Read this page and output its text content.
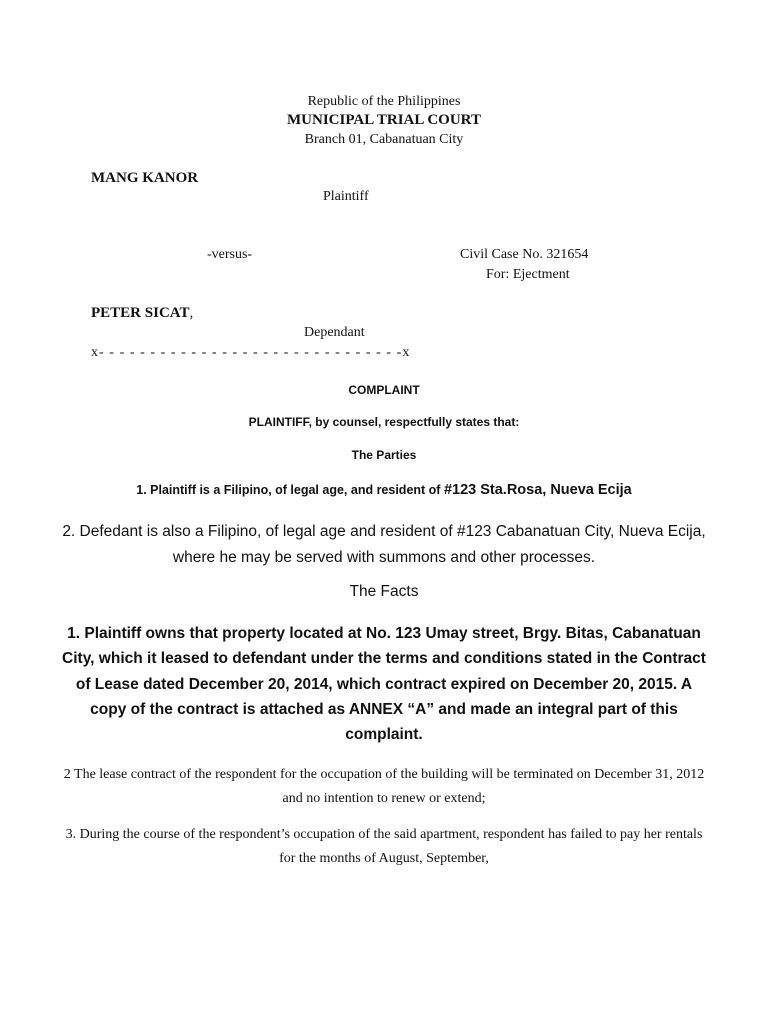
Republic of the Philippines
MUNICIPAL TRIAL COURT
Branch 01, Cabanatuan City
MANG KANOR
Plaintiff
-versus-	Civil Case No. 321654
For: Ejectment
PETER SICAT,
Dependant
x- - - - - - - - - - - - - - - - - - - - - - - - - - - - - -x
COMPLAINT
PLAINTIFF, by counsel, respectfully states that:
The Parties
1. Plaintiff is a Filipino, of legal age, and resident of #123 Sta.Rosa, Nueva Ecija
2. Defedant is also a Filipino, of legal age and resident of #123 Cabanatuan City, Nueva Ecija, where he may be served with summons and other processes.
The Facts
1. Plaintiff owns that property located at No. 123 Umay street, Brgy. Bitas, Cabanatuan City, which it leased to defendant under the terms and conditions stated in the Contract of Lease dated December 20, 2014, which contract expired on December 20, 2015. A copy of the contract is attached as ANNEX “A” and made an integral part of this complaint.
2 The lease contract of the respondent for the occupation of the building will be terminated on December 31, 2012 and no intention to renew or extend;
3. During the course of the respondent’s occupation of the said apartment, respondent has failed to pay her rentals for the months of August, September,
